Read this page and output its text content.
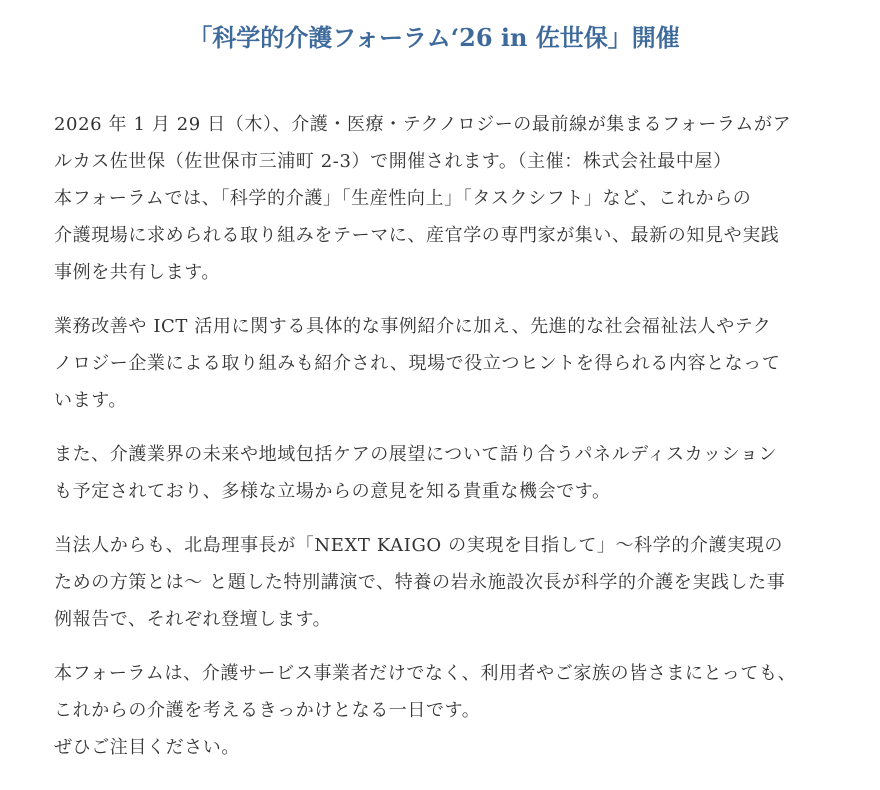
「科学的介護フォーラム‘26 in 佐世保」開催

2026 年 1 月 29 日（木）、介護・医療・テクノロジーの最前線が集まるフォーラムがア
ルカス佐世保（佐世保市三浦町 2-3）で開催されます。（主催：株式会社最中屋）
本フォーラムでは、「科学的介護」「生産性向上」「タスクシフト」など、これからの
介護現場に求められる取り組みをテーマに、産官学の専門家が集い、最新の知見や実践
事例を共有します。

業務改善や ICT 活用に関する具体的な事例紹介に加え、先進的な社会福祉法人やテク
ノロジー企業による取り組みも紹介され、現場で役立つヒントを得られる内容となって
います。

また、介護業界の未来や地域包括ケアの展望について語り合うパネルディスカッション
も予定されており、多様な立場からの意見を知る貴重な機会です。

当法人からも、北島理事長が「NEXT KAIGO の実現を目指して」～科学的介護実現の
ための方策とは～ と題した特別講演で、特養の岩永施設次長が科学的介護を実践した事
例報告で、それぞれ登壇します。

本フォーラムは、介護サービス事業者だけでなく、利用者やご家族の皆さまにとっても、
これからの介護を考えるきっかけとなる一日です。
ぜひご注目ください。
